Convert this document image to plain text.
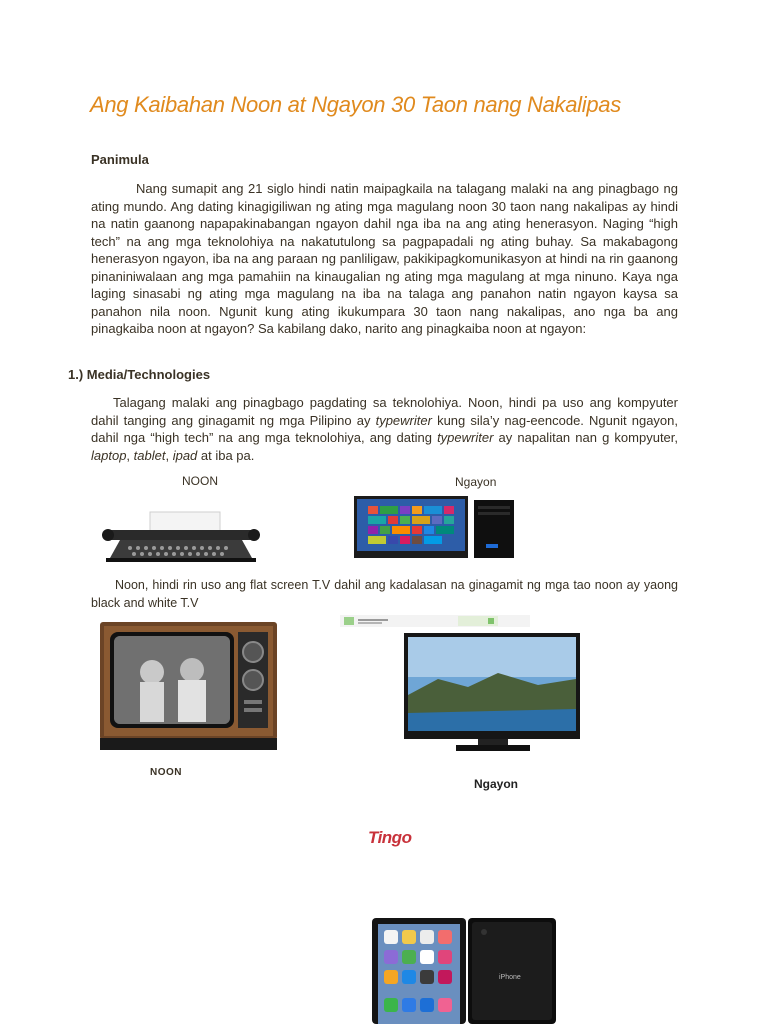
Ang Kaibahan Noon at Ngayon 30 Taon nang Nakalipas
Panimula
Nang sumapit ang 21 siglo hindi natin maipagkaila na talagang malaki na ang pinagbago ng ating mundo. Ang dating kinagigiliwan ng ating mga magulang noon 30 taon nang nakalipas ay hindi na natin gaanong napapakinabangan ngayon dahil nga iba na ang ating henerasyon. Naging “high tech” na ang mga teknolohiya na nakatutulong sa pagpapadali ng ating buhay. Sa makabagong henerasyon ngayon, iba na ang paraan ng panliligaw, pakikipagkomunikasyon at hindi na rin gaanong pinaniniwalaan ang mga pamahiin na kinaugalian ng ating mga magulang at mga ninuno. Kaya nga laging sinasabi ng ating mga magulang na iba na talaga ang panahon natin ngayon kaysa sa panahon nila noon. Ngunit kung ating ikukumpara 30 taon nang nakalipas, ano nga ba ang pinagkaiba noon at ngayon? Sa kabilang dako, narito ang pinagkaiba noon at ngayon:
1.) Media/Technologies
Talagang malaki ang pinagbago pagdating sa teknolohiya. Noon, hindi pa uso ang kompyuter dahil tanging ang ginagamit ng mga Pilipino ay typewriter kung sila’y nag-eencode. Ngunit ngayon, dahil nga “high tech” na ang mga teknolohiya, ang dating typewriter ay napalitan nan g kompyuter, laptop, tablet, ipad at iba pa.
NOON	Ngayon
Noon, hindi rin uso ang flat screen T.V dahil ang kadalasan na ginagamit ng mga tao noon ay yaong black and white T.V
NOON
Ngayon
Tingo
iPhone
